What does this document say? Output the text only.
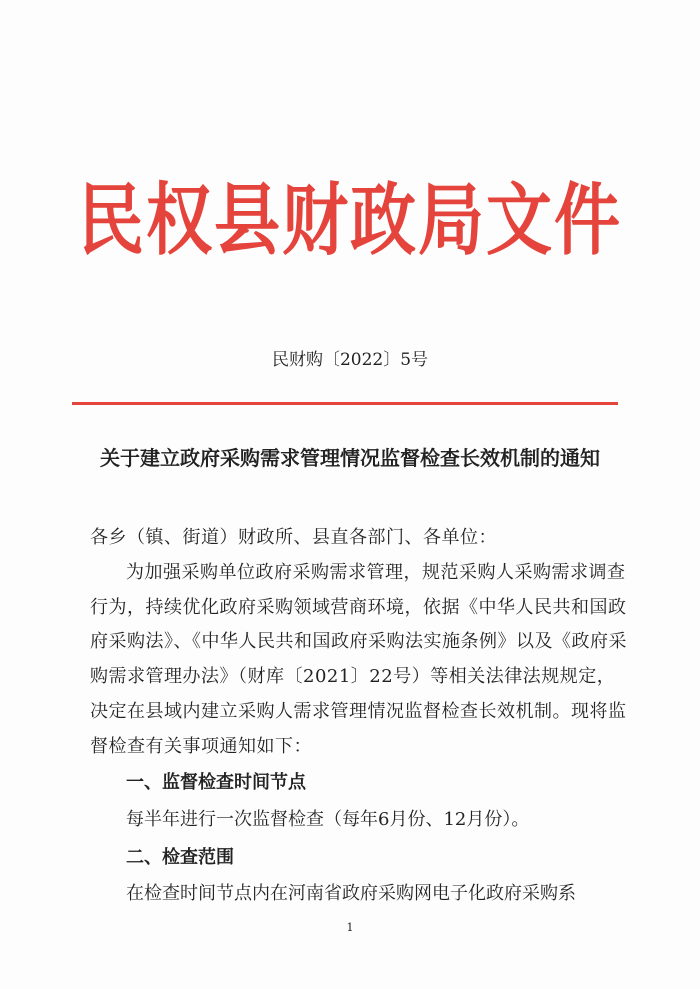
民权县财政局文件
民财购〔2022〕5号
关于建立政府采购需求管理情况监督检查长效机制的通知
各乡（镇、街道）财政所、县直各部门、各单位：
为加强采购单位政府采购需求管理，规范采购人采购需求调查行为，持续优化政府采购领域营商环境，依据《中华人民共和国政府采购法》、《中华人民共和国政府采购法实施条例》以及《政府采购需求管理办法》（财库〔2021〕22号）等相关法律法规规定，决定在县域内建立采购人需求管理情况监督检查长效机制。现将监督检查有关事项通知如下：
一、监督检查时间节点
每半年进行一次监督检查（每年6月份、12月份）。
二、检查范围
在检查时间节点内在河南省政府采购网电子化政府采购系
1
